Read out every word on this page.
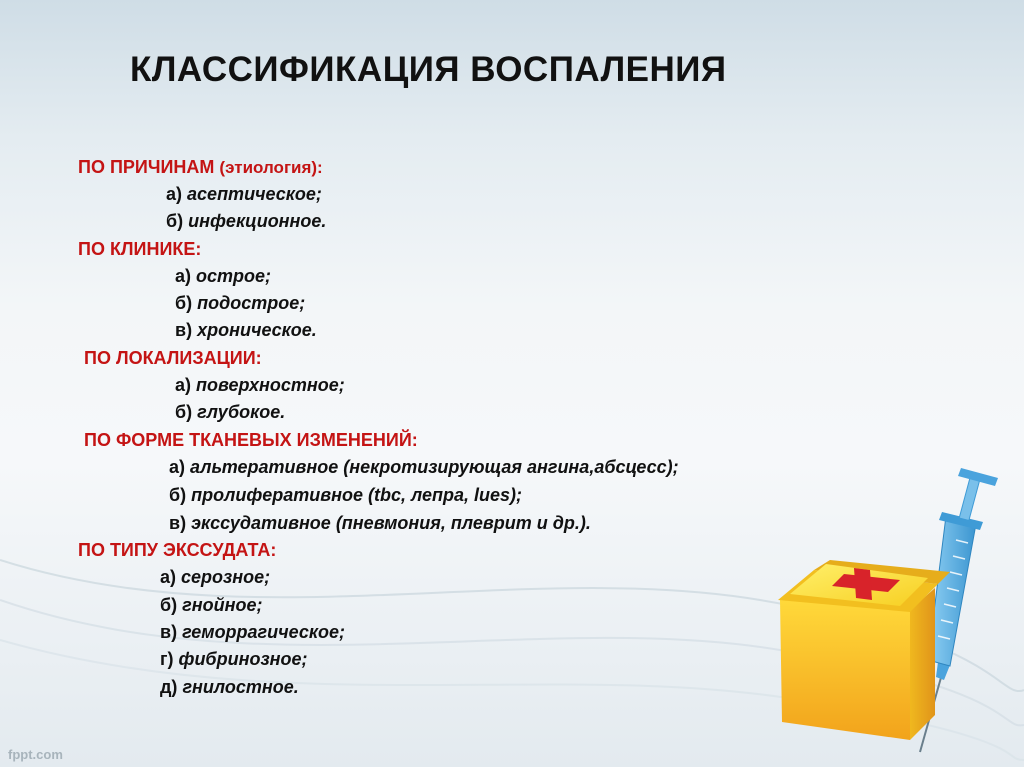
КЛАССИФИКАЦИЯ ВОСПАЛЕНИЯ
ПО ПРИЧИНАМ (этиология):
а) асептическое;
б) инфекционное.
ПО КЛИНИКЕ:
а) острое;
б) подострое;
в) хроническое.
ПО ЛОКАЛИЗАЦИИ:
а) поверхностное;
б) глубокое.
ПО ФОРМЕ ТКАНЕВЫХ ИЗМЕНЕНИЙ:
а) альтеративное (некротизирующая ангина,абсцесс);
б) пролиферативное (tbc, лепра, lues);
в) экссудативное (пневмония, плеврит и др.).
ПО ТИПУ ЭКССУДАТА:
а) серозное;
б) гнойное;
в) геморрагическое;
г) фибринозное;
д) гнилостное.
fppt.com
